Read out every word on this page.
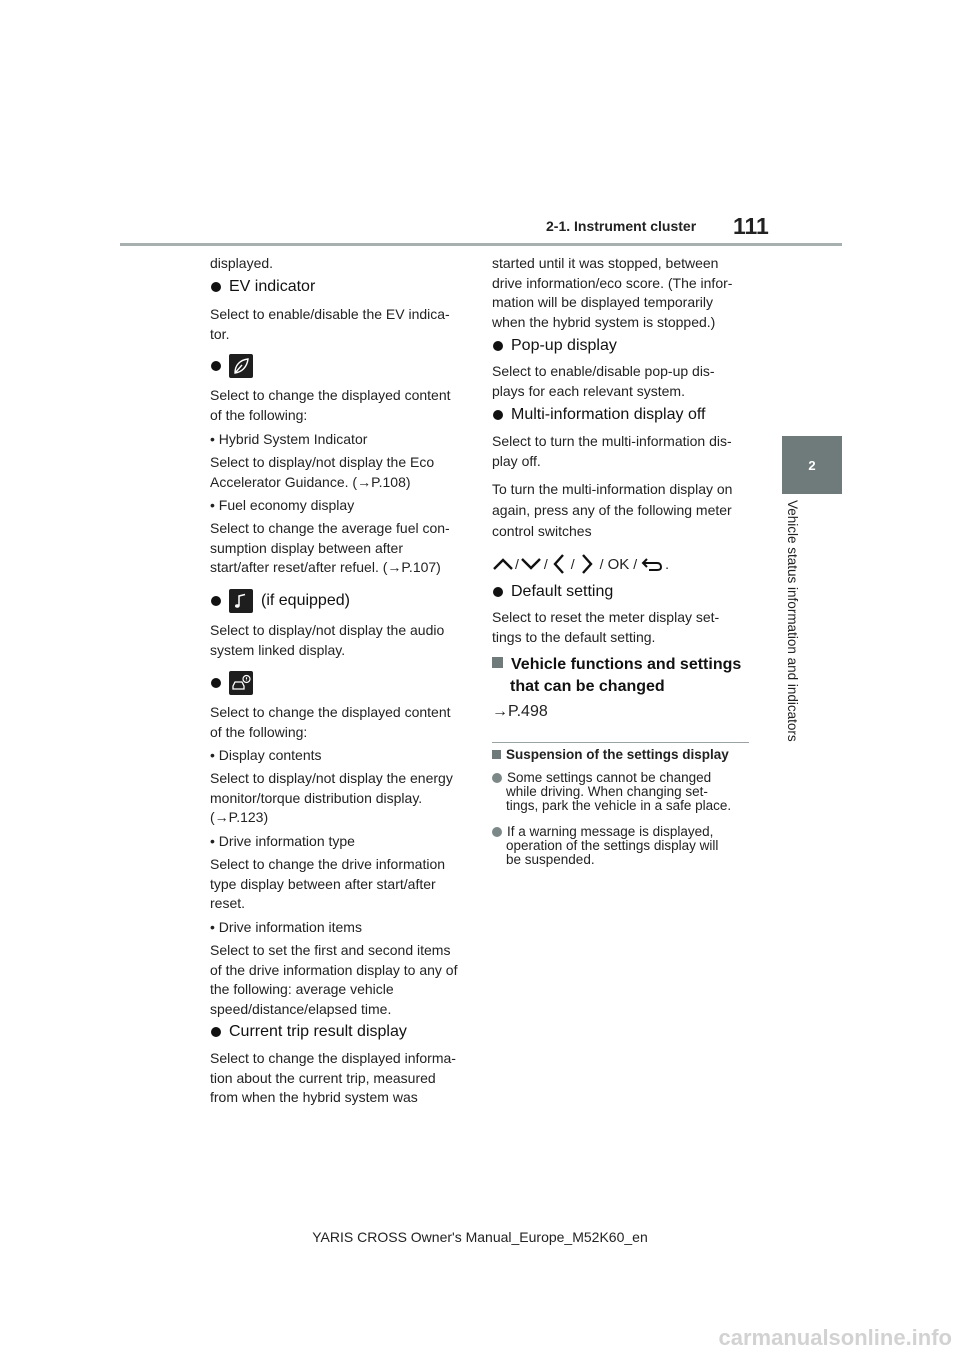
2-1. Instrument cluster 111
2
Vehicle status information and indicators
displayed.
EV indicator

Select to enable/disable the EV indica-

tor.

Select to change the displayed content

of the following:

• Hybrid System Indicator

Select to display/not display the Eco

Accelerator Guidance. (→P.108)

• Fuel economy display

Select to change the average fuel con-

sumption display between after

start/after reset/after refuel. (→P.107)

(if equipped)

Select to display/not display the audio

system linked display.

Select to change the displayed content

of the following:

• Display contents

Select to display/not display the energy

monitor/torque distribution display.

(→P.123)

• Drive information type

Select to change the drive information

type display between after start/after

reset.

• Drive information items

Select to set the first and second items

of the drive information display to any of

the following: average vehicle

speed/distance/elapsed time.

Current trip result display

Select to change the displayed informa-

tion about the current trip, measured

from when the hybrid system was

started until it was stopped, between

drive information/eco score. (The infor-

mation will be displayed temporarily

when the hybrid system is stopped.)

Pop-up display

Select to enable/disable pop-up dis-

plays for each relevant system.

Multi-information display off

Select to turn the multi-information dis-

play off.

To turn the multi-information display on

again, press any of the following meter

control switches

/ / / / OK / .
Default setting

Select to reset the meter display set-

tings to the default setting.

Vehicle functions and settings

that can be changed

→P.498
Suspension of the settings display

Some settings cannot be changed

while driving. When changing set-

tings, park the vehicle in a safe place.

If a warning message is displayed,

operation of the settings display will

be suspended.

YARIS CROSS Owner's Manual_Europe_M52K60_en
carmanualsonline.info
